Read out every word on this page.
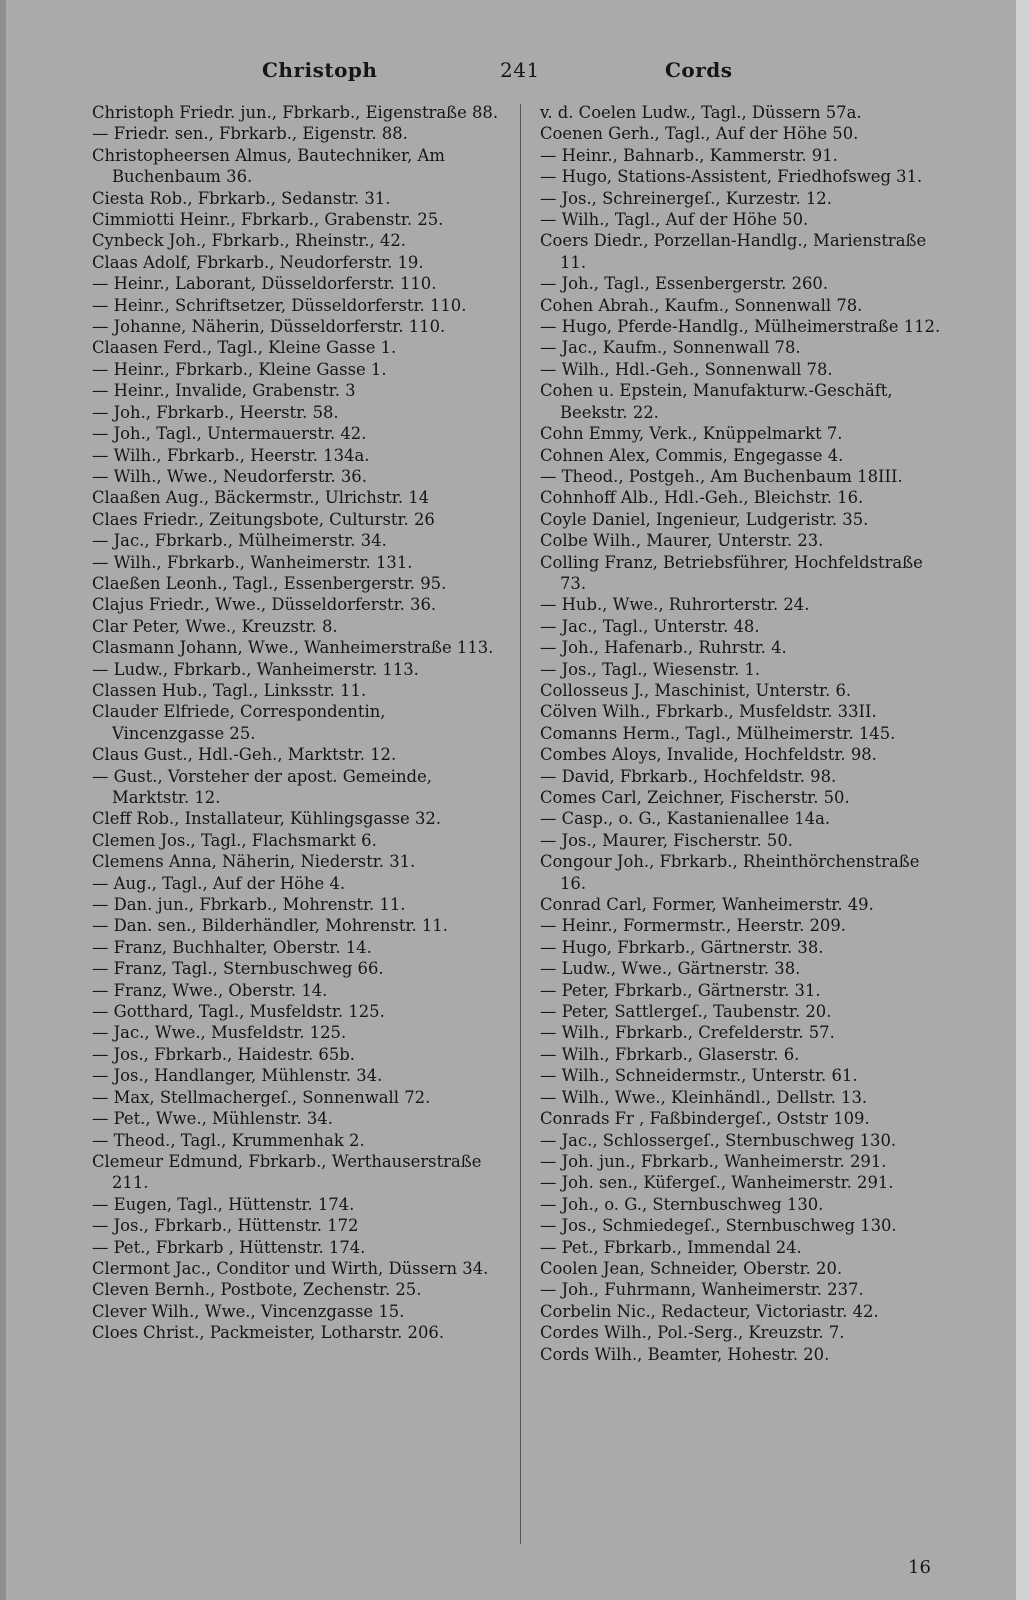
Christoph	241	Cords

Christoph Friedr. jun., Fbrkarb., Eigenstraße 88.

— Friedr. sen., Fbrkarb., Eigenstr. 88.

Christopheersen Almus, Bautechniker, Am Buchenbaum 36.

Ciesta Rob., Fbrkarb., Sedanstr. 31.

Cimmiotti Heinr., Fbrkarb., Grabenstr. 25.

Cynbeck Joh., Fbrkarb., Rheinstr., 42.

Claas Adolf, Fbrkarb., Neudorferstr. 19.

— Heinr., Laborant, Düsseldorferstr. 110.

— Heinr., Schriftsetzer, Düsseldorferstr. 110.

— Johanne, Näherin, Düsseldorferstr. 110.

Claasen Ferd., Tagl., Kleine Gasse 1.

— Heinr., Fbrkarb., Kleine Gasse 1.

— Heinr., Invalide, Grabenstr. 3

— Joh., Fbrkarb., Heerstr. 58.

— Joh., Tagl., Untermauerstr. 42.

— Wilh., Fbrkarb., Heerstr. 134a.

— Wilh., Wwe., Neudorferstr. 36.

Claaßen Aug., Bäckermstr., Ulrichstr. 14

Claes Friedr., Zeitungsbote, Culturstr. 26

— Jac., Fbrkarb., Mülheimerstr. 34.

— Wilh., Fbrkarb., Wanheimerstr. 131.

Claeßen Leonh., Tagl., Essenbergerstr. 95.

Clajus Friedr., Wwe., Düsseldorferstr. 36.

Clar Peter, Wwe., Kreuzstr. 8.

Clasmann Johann, Wwe., Wanheimerstraße 113.

— Ludw., Fbrkarb., Wanheimerstr. 113.

Classen Hub., Tagl., Linksstr. 11.

Clauder Elfriede, Correspondentin, Vincenzgasse 25.

Claus Gust., Hdl.-Geh., Marktstr. 12.

— Gust., Vorsteher der apost. Gemeinde, Marktstr. 12.

Cleff Rob., Installateur, Kühlingsgasse 32.

Clemen Jos., Tagl., Flachsmarkt 6.

Clemens Anna, Näherin, Niederstr. 31.

— Aug., Tagl., Auf der Höhe 4.

— Dan. jun., Fbrkarb., Mohrenstr. 11.

— Dan. sen., Bilderhändler, Mohrenstr. 11.

— Franz, Buchhalter, Oberstr. 14.

— Franz, Tagl., Sternbuschweg 66.

— Franz, Wwe., Oberstr. 14.

— Gotthard, Tagl., Musfeldstr. 125.

— Jac., Wwe., Musfeldstr. 125.

— Jos., Fbrkarb., Haidestr. 65b.

— Jos., Handlanger, Mühlenstr. 34.

— Max, Stellmachergeſ., Sonnenwall 72.

— Pet., Wwe., Mühlenstr. 34.

— Theod., Tagl., Krummenhak 2.

Clemeur Edmund, Fbrkarb., Werthauserstraße 211.

— Eugen, Tagl., Hüttenstr. 174.

— Jos., Fbrkarb., Hüttenstr. 172

— Pet., Fbrkarb , Hüttenstr. 174.

Clermont Jac., Conditor und Wirth, Düssern 34.

Cleven Bernh., Postbote, Zechenstr. 25.

Clever Wilh., Wwe., Vincenzgasse 15.

Cloes Christ., Packmeister, Lotharstr. 206.

v. d. Coelen Ludw., Tagl., Düssern 57a.

Coenen Gerh., Tagl., Auf der Höhe 50.

— Heinr., Bahnarb., Kammerstr. 91.

— Hugo, Stations-Assistent, Friedhofsweg 31.

— Jos., Schreinergeſ., Kurzestr. 12.

— Wilh., Tagl., Auf der Höhe 50.

Coers Diedr., Porzellan-Handlg., Marienstraße 11.

— Joh., Tagl., Essenbergerstr. 260.

Cohen Abrah., Kaufm., Sonnenwall 78.

— Hugo, Pferde-Handlg., Mülheimerstraße 112.

— Jac., Kaufm., Sonnenwall 78.

— Wilh., Hdl.-Geh., Sonnenwall 78.

Cohen u. Epstein, Manufakturw.-Geschäft, Beekstr. 22.

Cohn Emmy, Verk., Knüppelmarkt 7.

Cohnen Alex, Commis, Engegasse 4.

— Theod., Postgeh., Am Buchenbaum 18III.

Cohnhoff Alb., Hdl.-Geh., Bleichstr. 16.

Coyle Daniel, Ingenieur, Ludgeristr. 35.

Colbe Wilh., Maurer, Unterstr. 23.

Colling Franz, Betriebsführer, Hochfeldstraße 73.

— Hub., Wwe., Ruhrorterstr. 24.

— Jac., Tagl., Unterstr. 48.

— Joh., Hafenarb., Ruhrstr. 4.

— Jos., Tagl., Wiesenstr. 1.

Collosseus J., Maschinist, Unterstr. 6.

Cölven Wilh., Fbrkarb., Musfeldstr. 33II.

Comanns Herm., Tagl., Mülheimerstr. 145.

Combes Aloys, Invalide, Hochfeldstr. 98.

— David, Fbrkarb., Hochfeldstr. 98.

Comes Carl, Zeichner, Fischerstr. 50.

— Casp., o. G., Kastanienallee 14a.

— Jos., Maurer, Fischerstr. 50.

Congour Joh., Fbrkarb., Rheinthörchenstraße 16.

Conrad Carl, Former, Wanheimerstr. 49.

— Heinr., Formermstr., Heerstr. 209.

— Hugo, Fbrkarb., Gärtnerstr. 38.

— Ludw., Wwe., Gärtnerstr. 38.

— Peter, Fbrkarb., Gärtnerstr. 31.

— Peter, Sattlergeſ., Taubenstr. 20.

— Wilh., Fbrkarb., Crefelderstr. 57.

— Wilh., Fbrkarb., Glaserstr. 6.

— Wilh., Schneidermstr., Unterstr. 61.

— Wilh., Wwe., Kleinhändl., Dellstr. 13.

Conrads Fr , Faßbindergeſ., Oststr 109.

— Jac., Schlossergeſ., Sternbuschweg 130.

— Joh. jun., Fbrkarb., Wanheimerstr. 291.

— Joh. sen., Küfergeſ., Wanheimerstr. 291.

— Joh., o. G., Sternbuschweg 130.

— Jos., Schmiedegeſ., Sternbuschweg 130.

— Pet., Fbrkarb., Immendal 24.

Coolen Jean, Schneider, Oberstr. 20.

— Joh., Fuhrmann, Wanheimerstr. 237.

Corbelin Nic., Redacteur, Victoriastr. 42.

Cordes Wilh., Pol.-Serg., Kreuzstr. 7.

Cords Wilh., Beamter, Hohestr. 20.

16
